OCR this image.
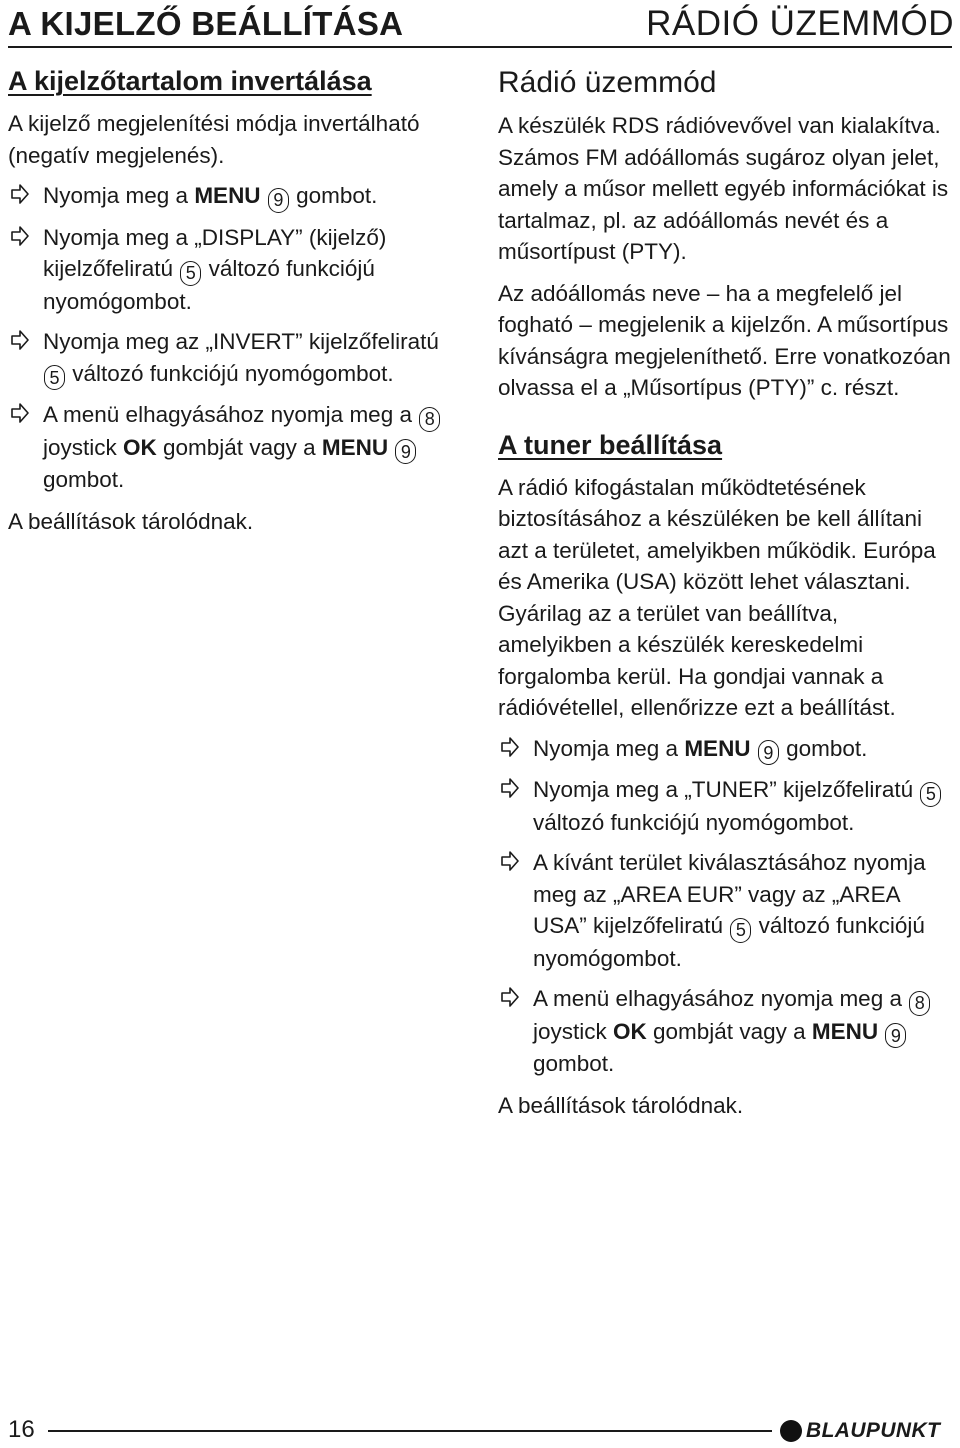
A KIJELZŐ BEÁLLÍTÁSA	RÁDIÓ ÜZEMMÓD
A kijelzőtartalom invertálása

A kijelző megjelenítési módja invertálható (negatív megjelenés).

Nyomja meg a MENU 9 gombot.
Nyomja meg a „DISPLAY” (kijelző) kijelzőfeliratú 5 változó funkciójú nyomógombot.
Nyomja meg az „INVERT” kijelzőfeliratú 5 változó funkciójú nyomógombot.
A menü elhagyásához nyomja meg a 8 joystick OK gombját vagy a MENU 9 gombot.

A beállítások tárolódnak.

Rádió üzemmód

A készülék RDS rádióvevővel van kialakítva. Számos FM adóállomás sugároz olyan jelet, amely a műsor mellett egyéb információkat is tartalmaz, pl. az adóállomás nevét és a műsortípust (PTY).

Az adóállomás neve – ha a megfelelő jel fogható – megjelenik a kijelzőn. A műsortípus kívánságra megjeleníthető. Erre vonatkozóan olvassa el a „Műsortípus (PTY)” c. részt.

A tuner beállítása

A rádió kifogástalan működtetésének biztosításához a készüléken be kell állítani azt a területet, amelyikben működik. Európa és Amerika (USA) között lehet választani. Gyárilag az a terület van beállítva, amelyikben a készülék kereskedelmi forgalomba kerül. Ha gondjai vannak a rádióvétellel, ellenőrizze ezt a beállítást.

Nyomja meg a MENU 9 gombot.
Nyomja meg a „TUNER” kijelzőfeliratú 5 változó funkciójú nyomógombot.
A kívánt terület kiválasztásához nyomja meg az „AREA EUR” vagy az „AREA USA” kijelzőfeliratú 5 változó funkciójú nyomógombot.
A menü elhagyásához nyomja meg a 8 joystick OK gombját vagy a MENU 9 gombot.

A beállítások tárolódnak.

16	BLAUPUNKT
